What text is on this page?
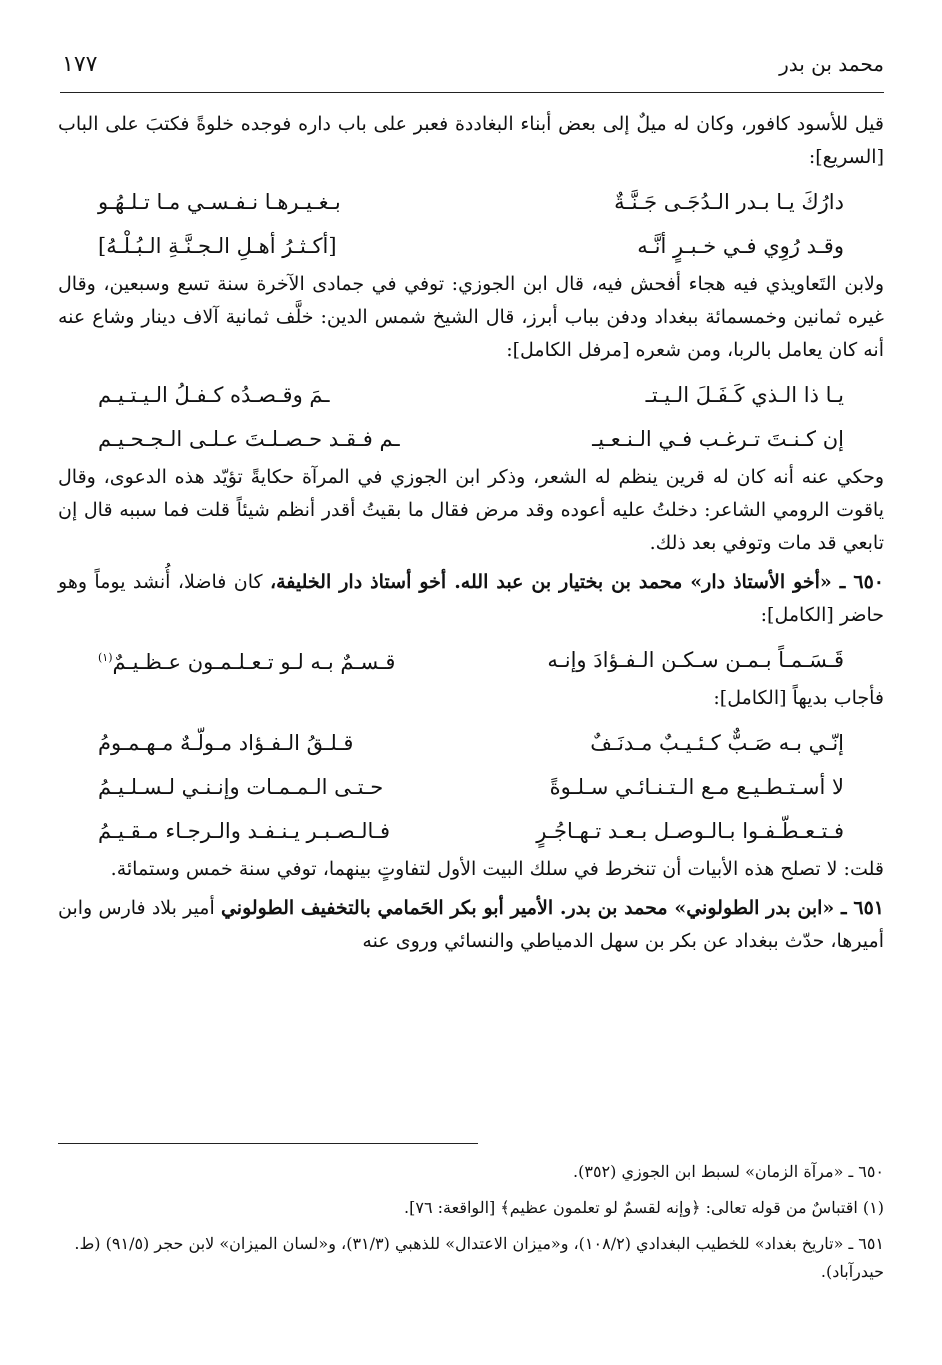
محمد بن بدر
١٧٧

قيل للأسود كافور، وكان له ميلٌ إلى بعض أبناء البغاددة فعبر على باب داره فوجده خلوةً فكتبَ على الباب [السريع]:

دارُكَ يـا بـدر الـدُجَـى جَـنَّـةٌ
بـغـيـرهـا نـفـسـي مـا تـلـهُـو
وقـد رُوِي فـي خـبـرٍ أنَّـه
[أكـثـرُ أهـلِ الـجـنَّـةِ الـبُـلْـهُ]

ولابن التَعاويذي فيه هجاء أفحش فيه، قال ابن الجوزي: توفي في جمادى الآخرة سنة تسع وسبعين، وقال غيره ثمانين وخمسمائة ببغداد ودفن بباب أبرز، قال الشيخ شمس الدين: خلَّف ثمانية آلاف دينار وشاع عنه أنه كان يعامل بالربا، ومن شعره [مرفل الكامل]:

يـا ذا الـذي كَـفَـلَ الـيـتـ
ـمَ وقـصـدُه كـفـلُ الـيـتـيـم
إن كـنـتَ تـرغـب فـي الـنـعـيـ
ـم فـقـد حـصـلـتَ عـلـى الـجـحـيـم

وحكي عنه أنه كان له قرين ينظم له الشعر، وذكر ابن الجوزي في المرآة حكايةً تؤيّد هذه الدعوى، وقال ياقوت الرومي الشاعر: دخلتُ عليه أعوده وقد مرض فقال ما بقيتُ أقدر أنظم شيئاً قلت فما سببه قال إن تابعي قد مات وتوفي بعد ذلك.

٦٥٠ ـ «أخو الأستاذ دار» محمد بن بختيار بن عبد الله. أخو أستاذ دار الخليفة، كان فاضلا، أُنشد يوماً وهو حاضر [الكامل]:

قَـسَـمـاً بـمـن سـكـن الـفـؤادَ وإنـه
قـسـمٌ بـه لـو تـعـلـمـون عـظـيـمٌ$^{(١)}$

فأجاب بديهاً [الكامل]:

إنّـي بـه صَـبٌّ كـئـيـبٌ مـدنَـفٌ
قـلـقُ الـفـؤاد مـولّـهٌ مـهـمـومُ
لا أسـتـطـيـع مـع الـتـنـائـي سـلـوةً
حـتـى الـمـمـات وإنـنـي لـسـلـيـمُ
فـتـعـطّـفـوا بـالـوصـل بـعـد تـهـاجُـرٍ
فـالـصـبـر يـنـفـد والـرجـاء مـقـيـمُ

قلت: لا تصلح هذه الأبيات أن تنخرط في سلك البيت الأول لتفاوتٍ بينهما، توفي سنة خمس وستمائة.

٦٥١ ـ «ابن بدر الطولوني» محمد بن بدر. الأمير أبو بكر الحَمامي بالتخفيف الطولوني أمير بلاد فارس وابن أميرها، حدّث ببغداد عن بكر بن سهل الدمياطي والنسائي وروى عنه

٦٥٠ ـ «مرآة الزمان» لسبط ابن الجوزي (٣٥٢).

(١) اقتباسٌ من قوله تعالى: ﴿وإنه لقسمٌ لو تعلمون عظيم﴾ [الواقعة: ٧٦].

٦٥١ ـ «تاريخ بغداد» للخطيب البغدادي (١٠٨/٢)، و«ميزان الاعتدال» للذهبي (٣١/٣)، و«لسان الميزان» لابن حجر (٩١/٥) (ط. حيدرآباد).
